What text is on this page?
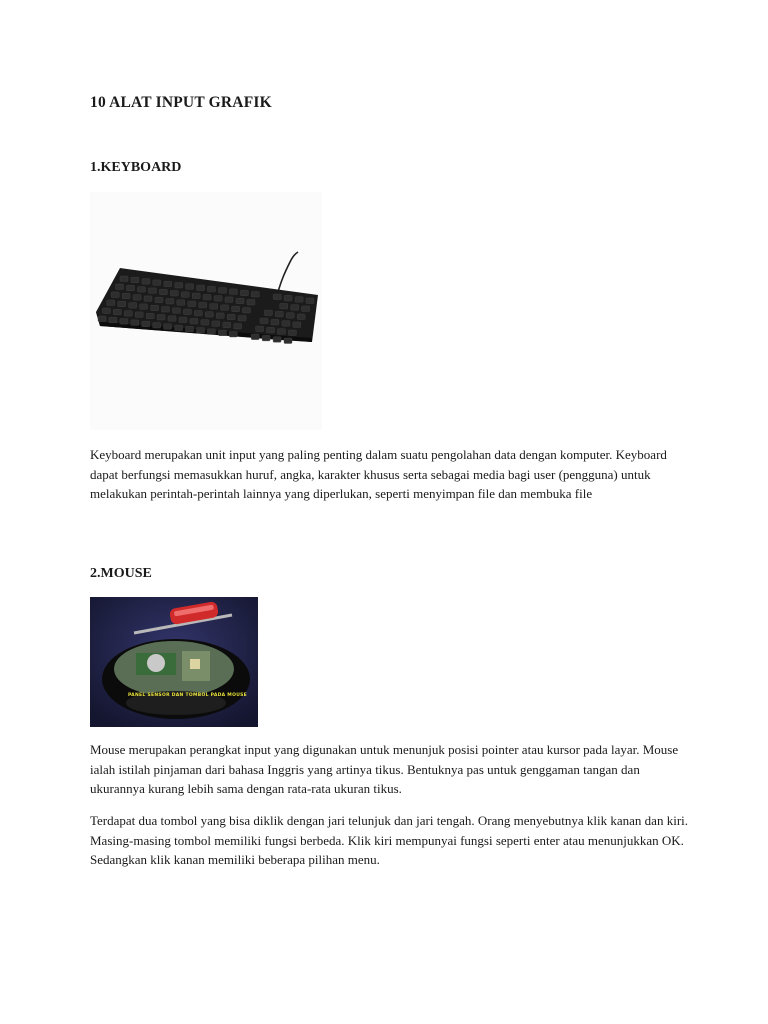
10 ALAT INPUT GRAFIK
1.KEYBOARD

Keyboard merupakan unit input yang paling penting dalam suatu pengolahan data dengan komputer. Keyboard dapat berfungsi memasukkan huruf, angka, karakter khusus serta sebagai media bagi user (pengguna) untuk melakukan perintah-perintah lainnya yang diperlukan, seperti menyimpan file dan membuka file

2.MOUSE
PANEL SENSOR DAN TOMBOL PADA MOUSE

Mouse merupakan perangkat input yang digunakan untuk menunjuk posisi pointer atau kursor pada layar. Mouse ialah istilah pinjaman dari bahasa Inggris yang artinya tikus. Bentuknya pas untuk genggaman tangan dan ukurannya kurang lebih sama dengan rata-rata ukuran tikus.

Terdapat dua tombol yang bisa diklik dengan jari telunjuk dan jari tengah. Orang menyebutnya klik kanan dan kiri. Masing-masing tombol memiliki fungsi berbeda. Klik kiri mempunyai fungsi seperti enter atau menunjukkan OK. Sedangkan klik kanan memiliki beberapa pilihan menu.
